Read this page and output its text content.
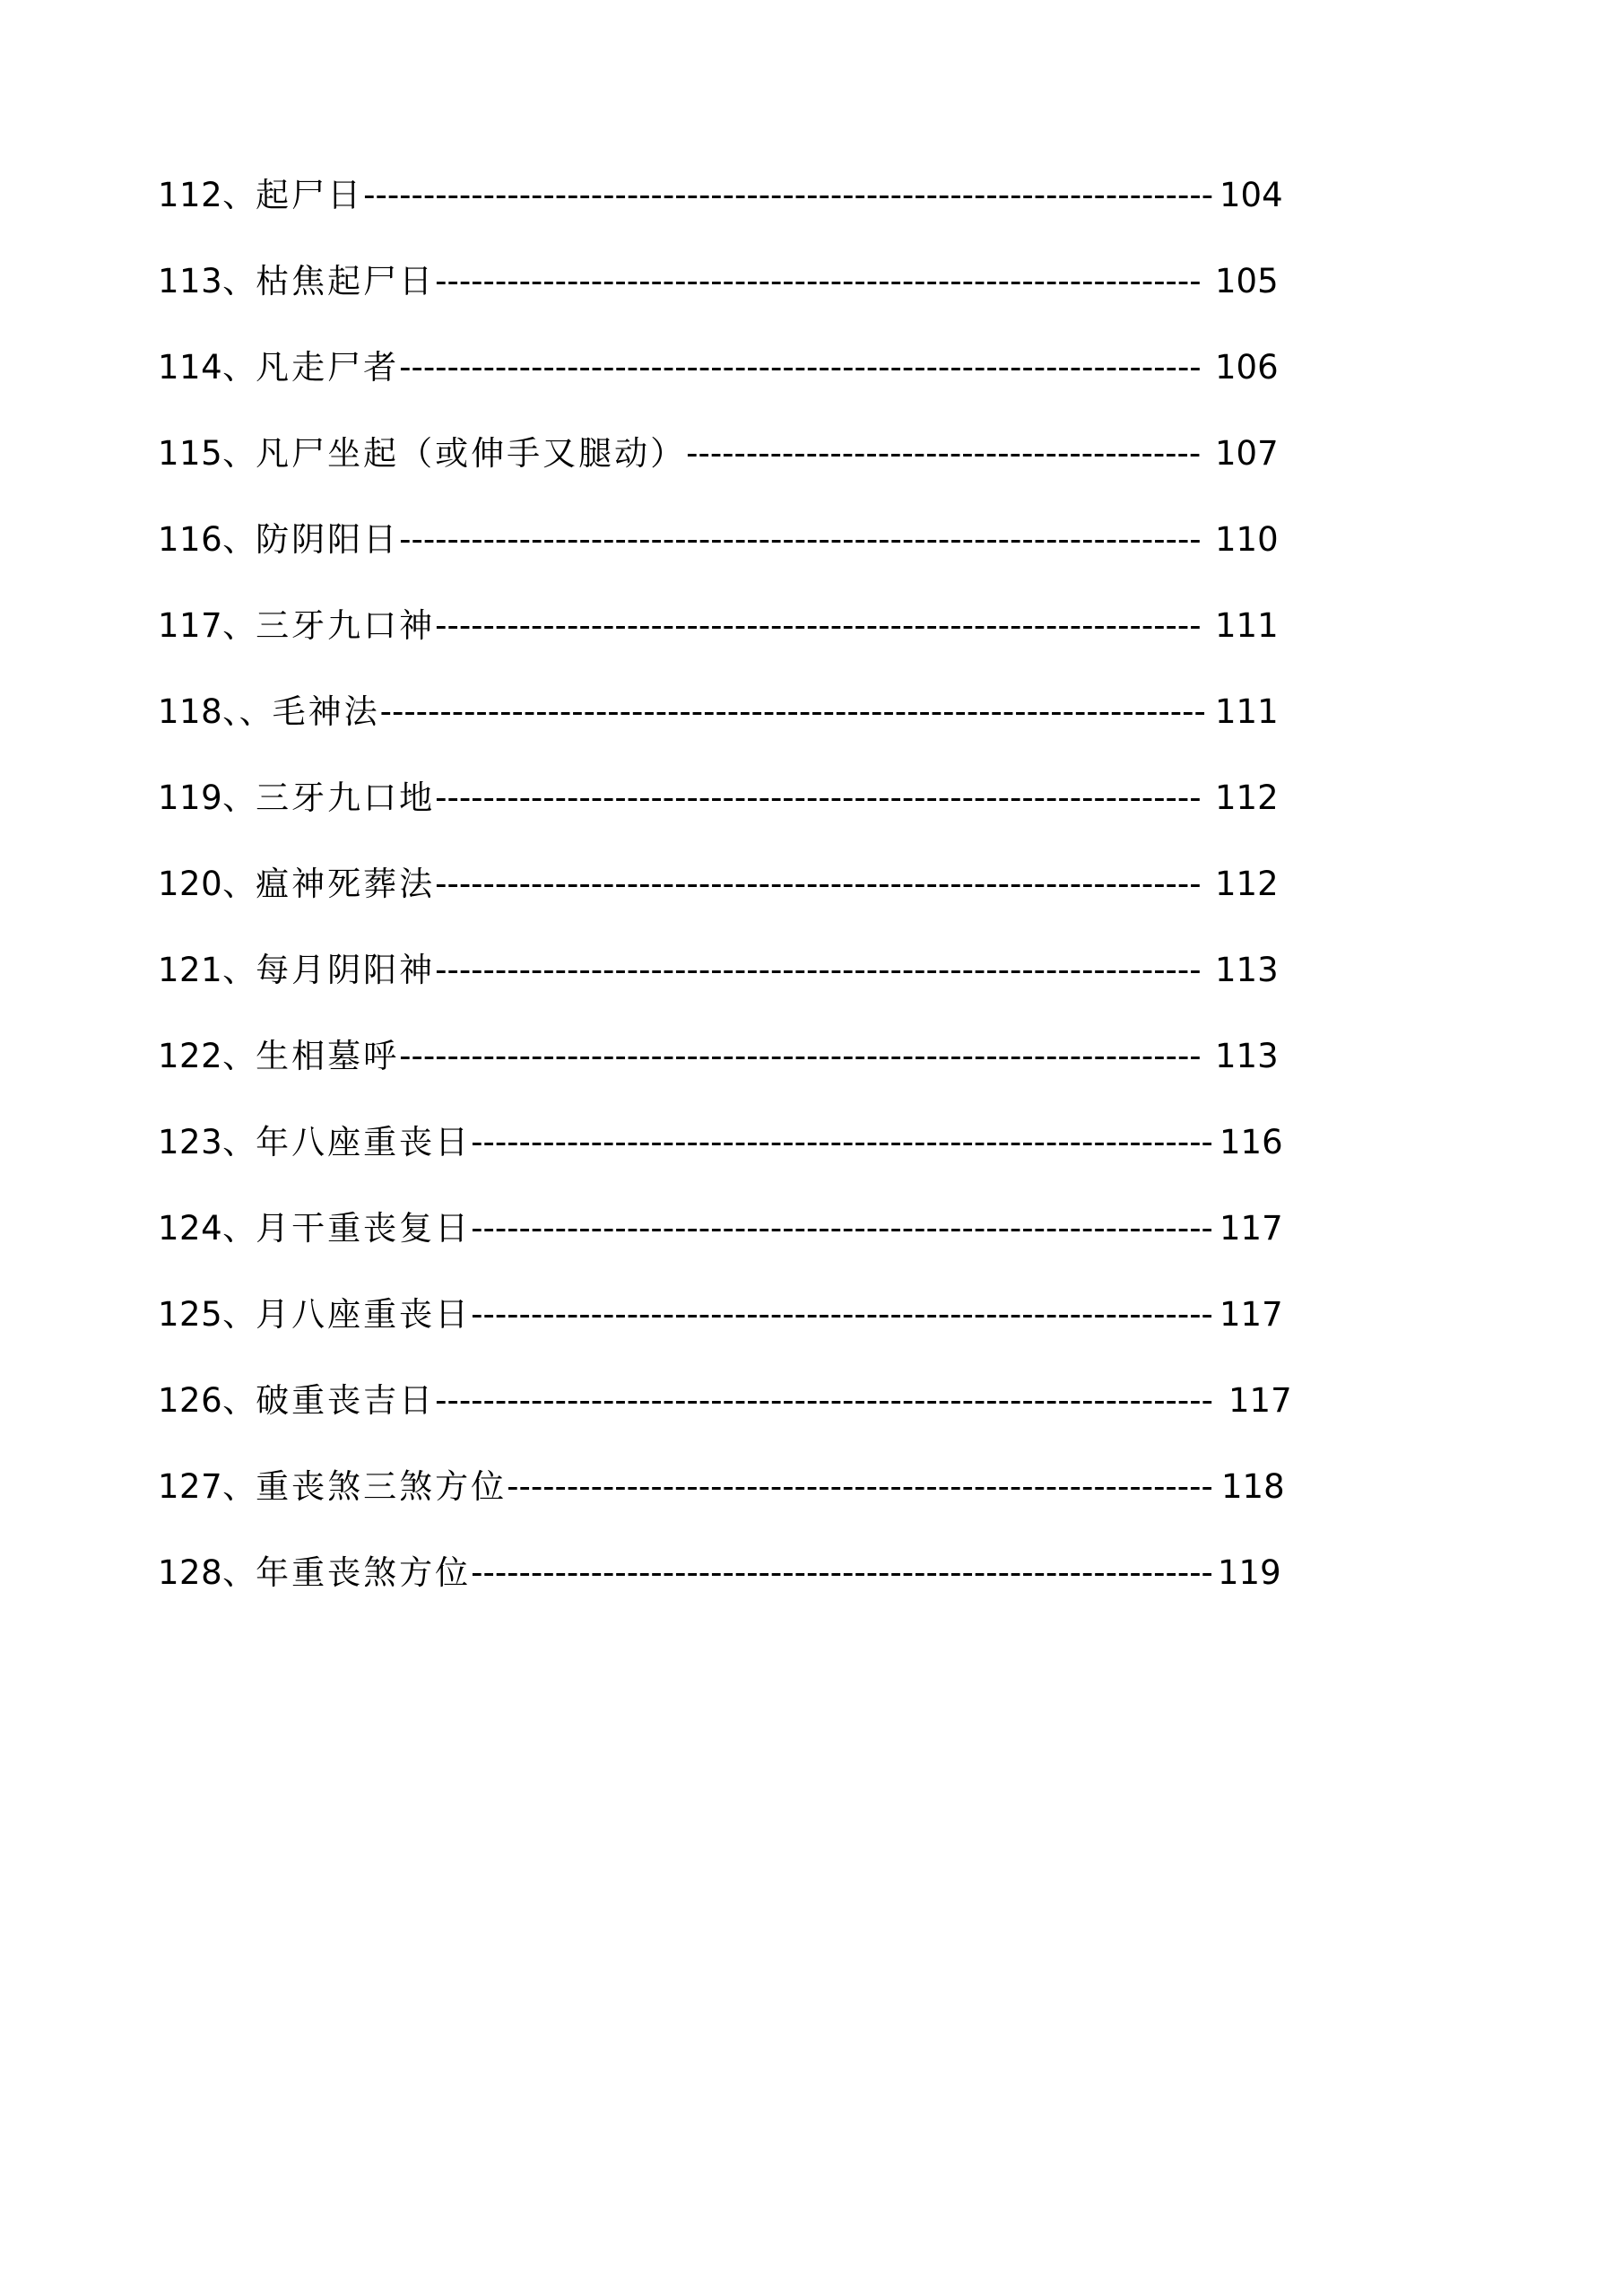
112、起尸日----------------------------------------------------------------------- 104
113、枯焦起尸日---------------------------------------------------------------- 105
114、凡走尸者------------------------------------------------------------------- 106
115、凡尸坐起（或伸手又腿动）------------------------------------------- 107
116、防阴阳日------------------------------------------------------------------- 110
117、三牙九口神---------------------------------------------------------------- 111
118、、毛神法--------------------------------------------------------------------- 111
119、三牙九口地---------------------------------------------------------------- 112
120、瘟神死葬法---------------------------------------------------------------- 112
121、每月阴阳神---------------------------------------------------------------- 113
122、生相墓呼------------------------------------------------------------------- 113
123、年八座重丧日-------------------------------------------------------------- 116
124、月干重丧复日-------------------------------------------------------------- 117
125、月八座重丧日-------------------------------------------------------------- 117
126、破重丧吉日----------------------------------------------------------------- 117
127、重丧煞三煞方位----------------------------------------------------------- 118
128、年重丧煞方位-------------------------------------------------------------- 119
